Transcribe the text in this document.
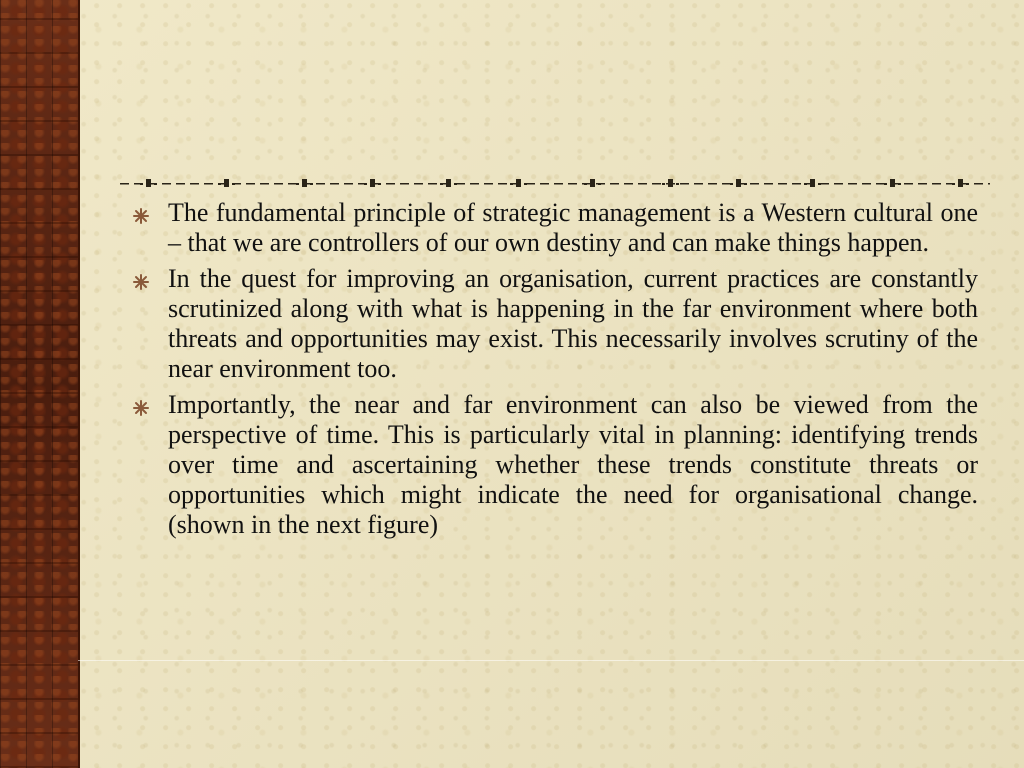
The fundamental principle of strategic management is a Western cultural one – that we are controllers of our own destiny and can make things happen.

In the quest for improving an organisation, current practices are constantly scrutinized along with what is happening in the far environment where both threats and opportunities may exist. This necessarily involves scrutiny of the near environment too.

Importantly, the near and far environment can also be viewed from the perspective of time. This is particularly vital in planning: identifying trends over time and ascertaining whether these trends constitute threats or opportunities which might indicate the need for organisational change. (shown in the next figure)
